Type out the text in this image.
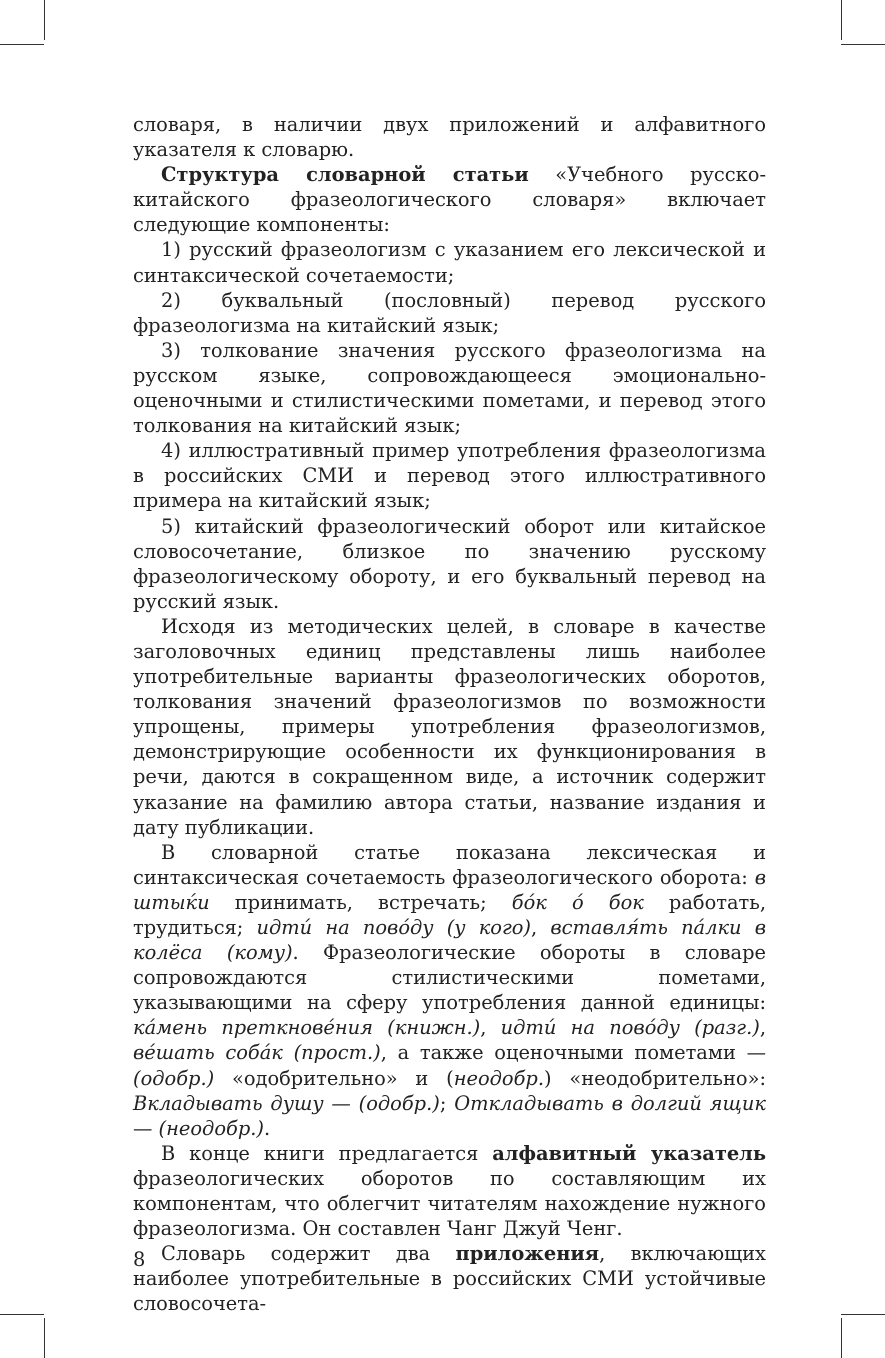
словаря, в наличии двух приложений и алфавитного указателя к словарю.

Структура словарной статьи «Учебного русско-китайского фразеологического словаря» включает следующие компоненты:

1) русский фразеологизм с указанием его лексической и синтаксической сочетаемости;

2) буквальный (пословный) перевод русского фразеологизма на китайский язык;

3) толкование значения русского фразеологизма на русском языке, сопровождающееся эмоционально-оценочными и стилистическими пометами, и перевод этого толкования на китайский язык;

4) иллюстративный пример употребления фразеологизма в российских СМИ и перевод этого иллюстративного примера на китайский язык;

5) китайский фразеологический оборот или китайское словосочетание, близкое по значению русскому фразеологическому обороту, и его буквальный перевод на русский язык.

Исходя из методических целей, в словаре в качестве заголовочных единиц представлены лишь наиболее употребительные варианты фразеологических оборотов, толкования значений фразеологизмов по возможности упрощены, примеры употребления фразеологизмов, демонстрирующие особенности их функционирования в речи, даются в сокращенном виде, а источник содержит указание на фамилию автора статьи, название издания и дату публикации.

В словарной статье показана лексическая и синтаксическая сочетаемость фразеологического оборота: в штыќи принимать, встречать; бо́к о́ бок работать, трудиться; идти́ на пово́ду (у кого), вставля́ть па́лки в колёса (кому). Фразеологические обороты в словаре сопровождаются стилистическими пометами, указывающими на сферу употребления данной единицы: ка́мень преткнове́ния (книжн.), идти́ на пово́ду (разг.), ве́шать соба́к (прост.), а также оценочными пометами — (одобр.) «одобрительно» и (неодобр.) «неодобрительно»: Вкладывать душу — (одобр.); Откладывать в долгий ящик — (неодобр.).

В конце книги предлагается алфавитный указатель фразеологических оборотов по составляющим их компонентам, что облегчит читателям нахождение нужного фразеологизма. Он составлен Чанг Джуй Ченг.

Словарь содержит два приложения, включающих наиболее употребительные в российских СМИ устойчивые словосочета-

8
